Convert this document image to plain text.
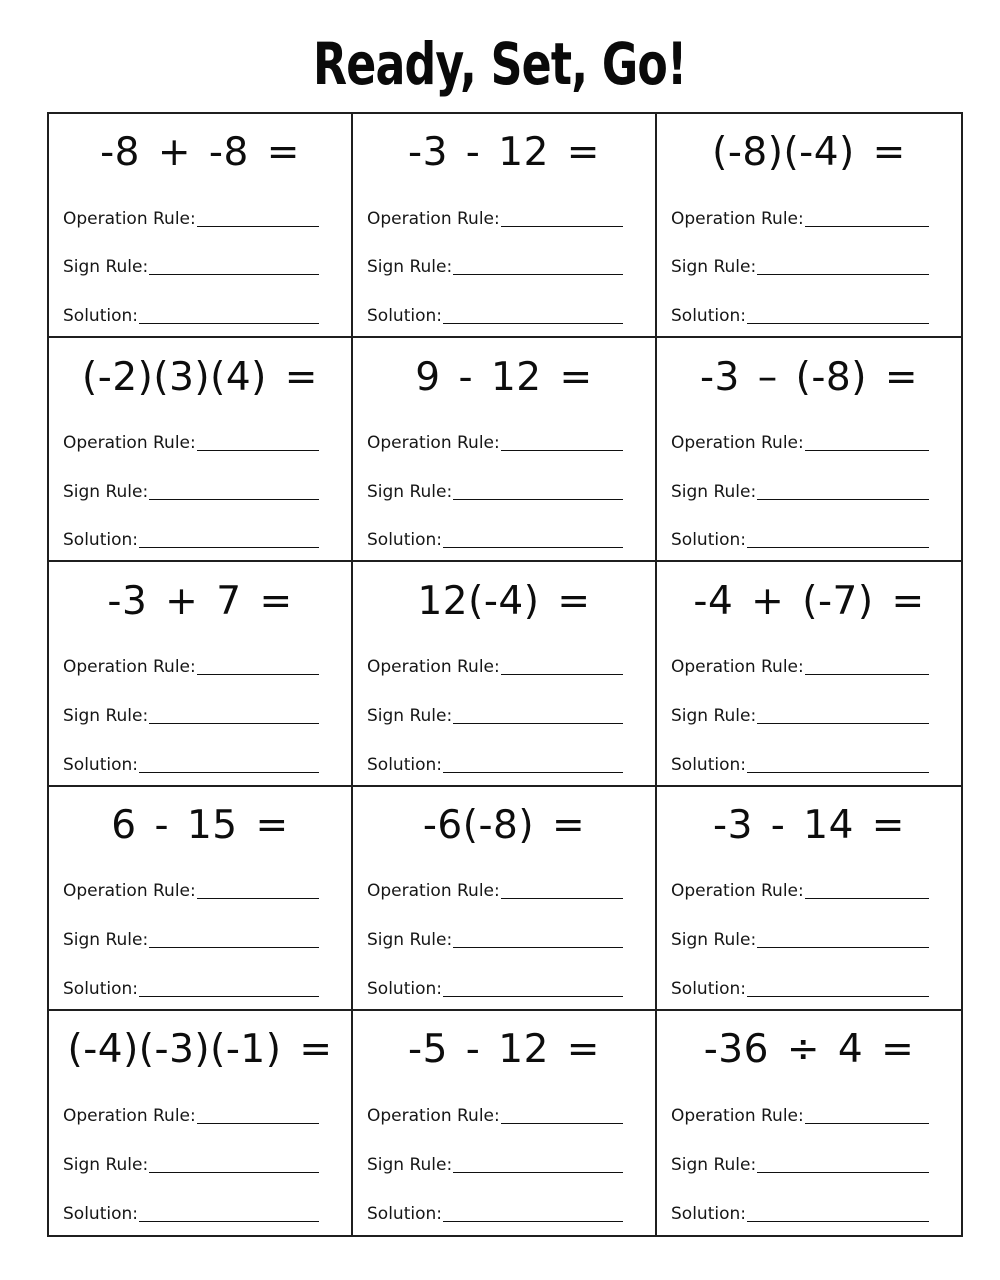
Ready, Set, Go!
-8 + -8 =
Operation Rule:
Sign Rule:
Solution:
-3 - 12 =
Operation Rule:
Sign Rule:
Solution:
(-8)(-4) =
Operation Rule:
Sign Rule:
Solution:
(-2)(3)(4) =
Operation Rule:
Sign Rule:
Solution:
9 - 12 =
Operation Rule:
Sign Rule:
Solution:
-3 – (-8) =
Operation Rule:
Sign Rule:
Solution:
-3 + 7 =
Operation Rule:
Sign Rule:
Solution:
12(-4) =
Operation Rule:
Sign Rule:
Solution:
-4 + (-7) =
Operation Rule:
Sign Rule:
Solution:
6 - 15 =
Operation Rule:
Sign Rule:
Solution:
-6(-8) =
Operation Rule:
Sign Rule:
Solution:
-3 - 14 =
Operation Rule:
Sign Rule:
Solution:
(-4)(-3)(-1) =
Operation Rule:
Sign Rule:
Solution:
-5 - 12 =
Operation Rule:
Sign Rule:
Solution:
-36 ÷ 4 =
Operation Rule:
Sign Rule:
Solution:
